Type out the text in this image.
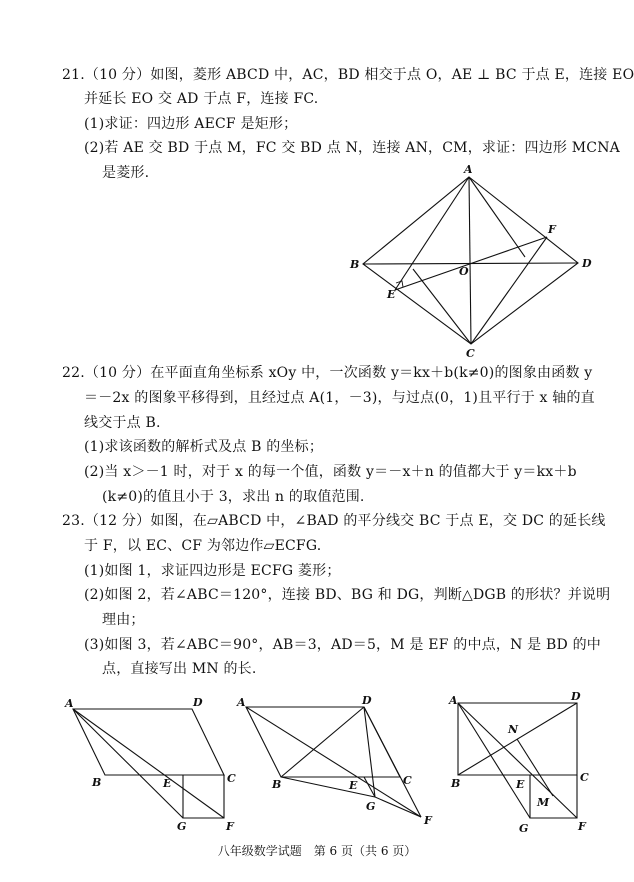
21.（10 分）如图，菱形 ABCD 中，AC，BD 相交于点 O，AE ⊥ BC 于点 E，连接 EO
并延长 EO 交 AD 于点 F，连接 FC.
(1)求证：四边形 AECF 是矩形；
(2)若 AE 交 BD 于点 M，FC 交 BD 点 N，连接 AN，CM，求证：四边形 MCNA
是菱形.	A
B
C
D
E
F
O
22.（10 分）在平面直角坐标系 xOy 中，一次函数 y＝kx＋b(k≠0)的图象由函数 y
＝－2x 的图象平移得到，且经过点 A(1，－3)，与过点(0，1)且平行于 x 轴的直
线交于点 B.
(1)求该函数的解析式及点 B 的坐标；
(2)当 x＞－1 时，对于 x 的每一个值，函数 y＝－x＋n 的值都大于 y＝kx＋b
(k≠0)的值且小于 3，求出 n 的取值范围.
23.（12 分）如图，在▱ABCD 中，∠BAD 的平分线交 BC 于点 E，交 DC 的延长线
于 F，以 EC、CF 为邻边作▱ECFG.
(1)如图 1，求证四边形是 ECFG 菱形；
(2)如图 2，若∠ABC＝120°，连接 BD、BG 和 DG，判断△DGB 的形状？并说明
理由；
(3)如图 3，若∠ABC＝90°，AB＝3，AD＝5，M 是 EF 的中点，N 是 BD 的中
点，直接写出 MN 的长.
A	D
B	E	C
G	F
A	D
B	E	C
G
F
A	D
B	E
C
N
M
G	F
八年级数学试题　第 6 页（共 6 页）
